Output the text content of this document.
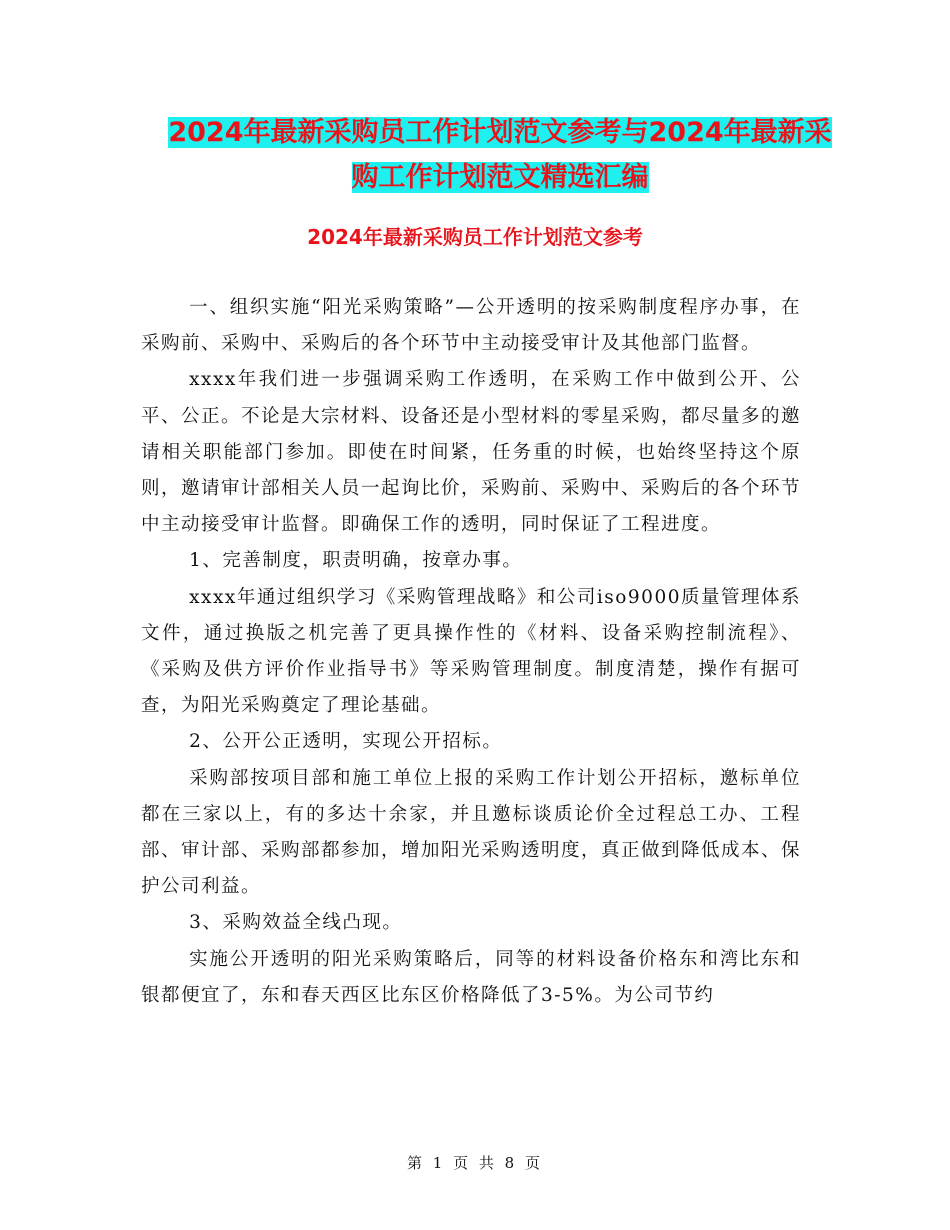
2024年最新采购员工作计划范文参考与2024年最新采
购工作计划范文精选汇编
2024年最新采购员工作计划范文参考

一、组织实施“阳光采购策略”—公开透明的按采购制度程序办事，在采购前、采购中、采购后的各个环节中主动接受审计及其他部门监督。

xxxx年我们进一步强调采购工作透明，在采购工作中做到公开、公平、公正。不论是大宗材料、设备还是小型材料的零星采购，都尽量多的邀请相关职能部门参加。即使在时间紧，任务重的时候，也始终坚持这个原则，邀请审计部相关人员一起询比价，采购前、采购中、采购后的各个环节中主动接受审计监督。即确保工作的透明，同时保证了工程进度。

1、完善制度，职责明确，按章办事。

xxxx年通过组织学习《采购管理战略》和公司iso9000质量管理体系文件，通过换版之机完善了更具操作性的《材料、设备采购控制流程》、《采购及供方评价作业指导书》等采购管理制度。制度清楚，操作有据可查，为阳光采购奠定了理论基础。

2、公开公正透明，实现公开招标。

采购部按项目部和施工单位上报的采购工作计划公开招标，邀标单位都在三家以上，有的多达十余家，并且邀标谈质论价全过程总工办、工程部、审计部、采购部都参加，增加阳光采购透明度，真正做到降低成本、保护公司利益。

3、采购效益全线凸现。

实施公开透明的阳光采购策略后，同等的材料设备价格东和湾比东和银都便宜了，东和春天西区比东区价格降低了3-5%。为公司节约

第 1 页 共 8 页
